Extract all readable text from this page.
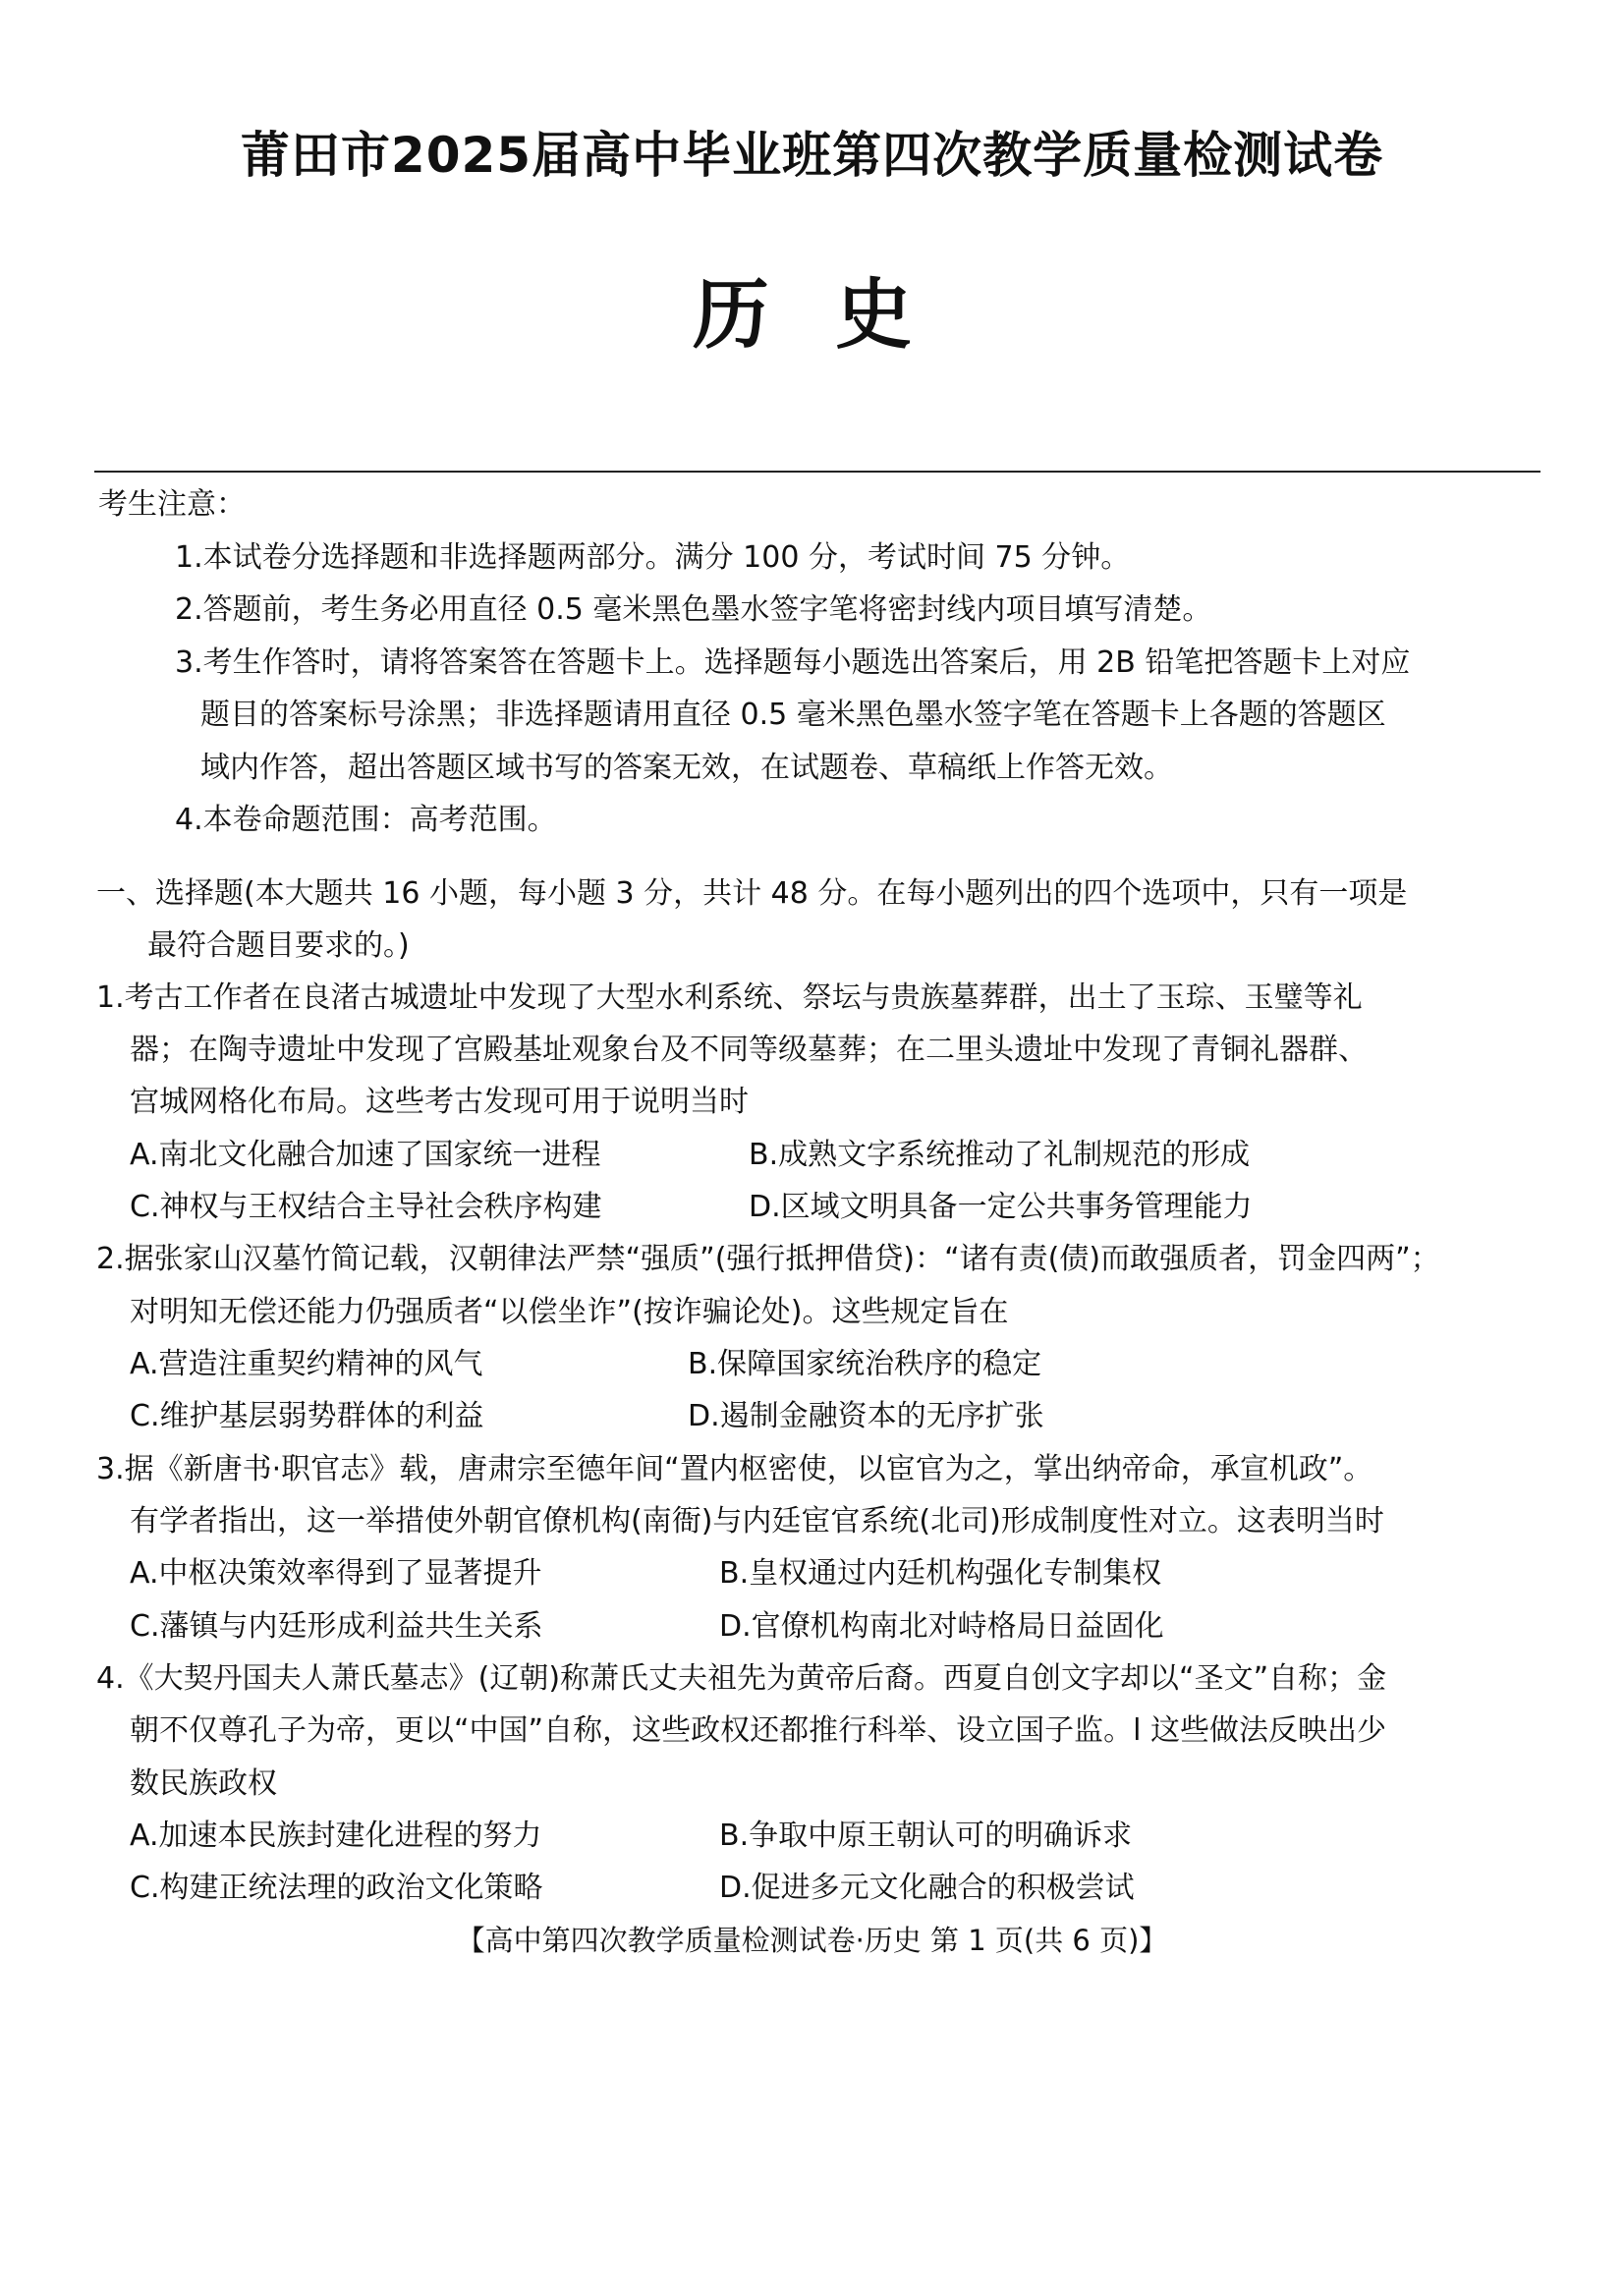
莆田市2025届高中毕业班第四次教学质量检测试卷
历 史
考生注意：
1.本试卷分选择题和非选择题两部分。满分 100 分，考试时间 75 分钟。
2.答题前，考生务必用直径 0.5 毫米黑色墨水签字笔将密封线内项目填写清楚。
3.考生作答时，请将答案答在答题卡上。选择题每小题选出答案后，用 2B 铅笔把答题卡上对应
题目的答案标号涂黑；非选择题请用直径 0.5 毫米黑色墨水签字笔在答题卡上各题的答题区
域内作答，超出答题区域书写的答案无效，在试题卷、草稿纸上作答无效。
4.本卷命题范围：高考范围。
一、选择题(本大题共 16 小题，每小题 3 分，共计 48 分。在每小题列出的四个选项中，只有一项是
最符合题目要求的。)
1.考古工作者在良渚古城遗址中发现了大型水利系统、祭坛与贵族墓葬群，出土了玉琮、玉璧等礼
器；在陶寺遗址中发现了宫殿基址观象台及不同等级墓葬；在二里头遗址中发现了青铜礼器群、
宫城网格化布局。这些考古发现可用于说明当时
A.南北文化融合加速了国家统一进程	B.成熟文字系统推动了礼制规范的形成
C.神权与王权结合主导社会秩序构建	D.区域文明具备一定公共事务管理能力
2.据张家山汉墓竹简记载，汉朝律法严禁“强质”(强行抵押借贷)：“诸有责(债)而敢强质者，罚金四两”；
对明知无偿还能力仍强质者“以偿坐诈”(按诈骗论处)。这些规定旨在
A.营造注重契约精神的风气	B.保障国家统治秩序的稳定
C.维护基层弱势群体的利益	D.遏制金融资本的无序扩张
3.据《新唐书·职官志》载，唐肃宗至德年间“置内枢密使，以宦官为之，掌出纳帝命，承宣机政”。
有学者指出，这一举措使外朝官僚机构(南衙)与内廷宦官系统(北司)形成制度性对立。这表明当时
A.中枢决策效率得到了显著提升	B.皇权通过内廷机构强化专制集权
C.藩镇与内廷形成利益共生关系	D.官僚机构南北对峙格局日益固化
4.《大契丹国夫人萧氏墓志》(辽朝)称萧氏丈夫祖先为黄帝后裔。西夏自创文字却以“圣文”自称；金
朝不仅尊孔子为帝，更以“中国”自称，这些政权还都推行科举、设立国子监。l 这些做法反映出少
数民族政权
A.加速本民族封建化进程的努力	B.争取中原王朝认可的明确诉求
C.构建正统法理的政治文化策略	D.促进多元文化融合的积极尝试
【高中第四次教学质量检测试卷·历史 第 1 页(共 6 页)】
